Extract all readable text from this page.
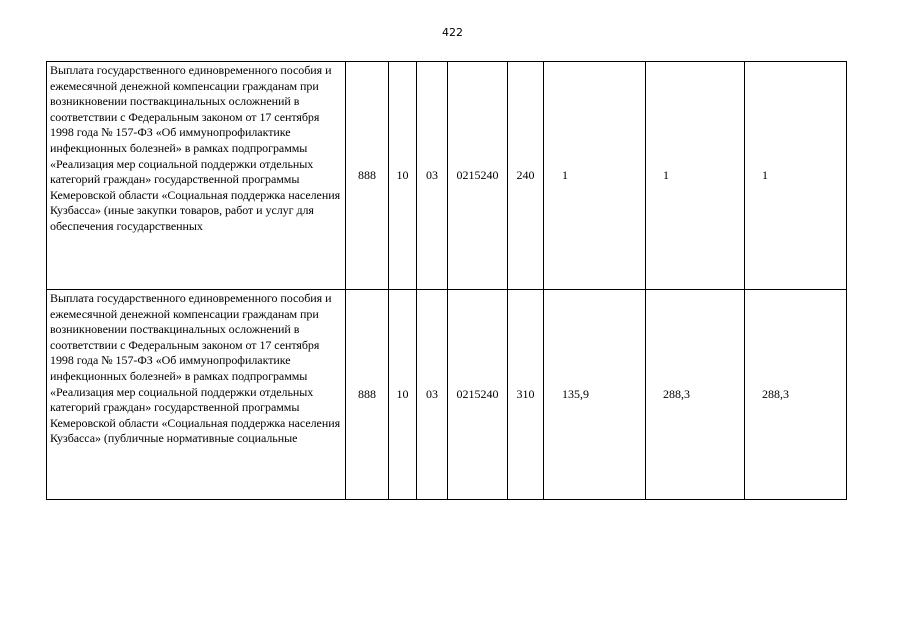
422
Выплата государственного единовременного пособия и ежемесячной денежной компенсации гражданам при возникновении поствакцинальных осложнений в соответствии с Федеральным законом от 17 сентября 1998 года № 157-ФЗ «Об иммунопрофилактике инфекционных болезней» в рамках подпрограммы «Реализация мер социальной поддержки отдельных категорий граждан» государственной программы Кемеровской области «Социальная поддержка населения Кузбасса» (иные закупки товаров, работ и услуг для обеспечения государственных	888	10	03	0215240	240	1	1	1

Выплата государственного единовременного пособия и ежемесячной денежной компенсации гражданам при возникновении поствакцинальных осложнений в соответствии с Федеральным законом от 17 сентября 1998 года № 157-ФЗ «Об иммунопрофилактике инфекционных болезней» в рамках подпрограммы «Реализация мер социальной поддержки отдельных категорий граждан» государственной программы Кемеровской области «Социальная поддержка населения Кузбасса» (публичные нормативные социальные	888	10	03	0215240	310	135,9	288,3	288,3
